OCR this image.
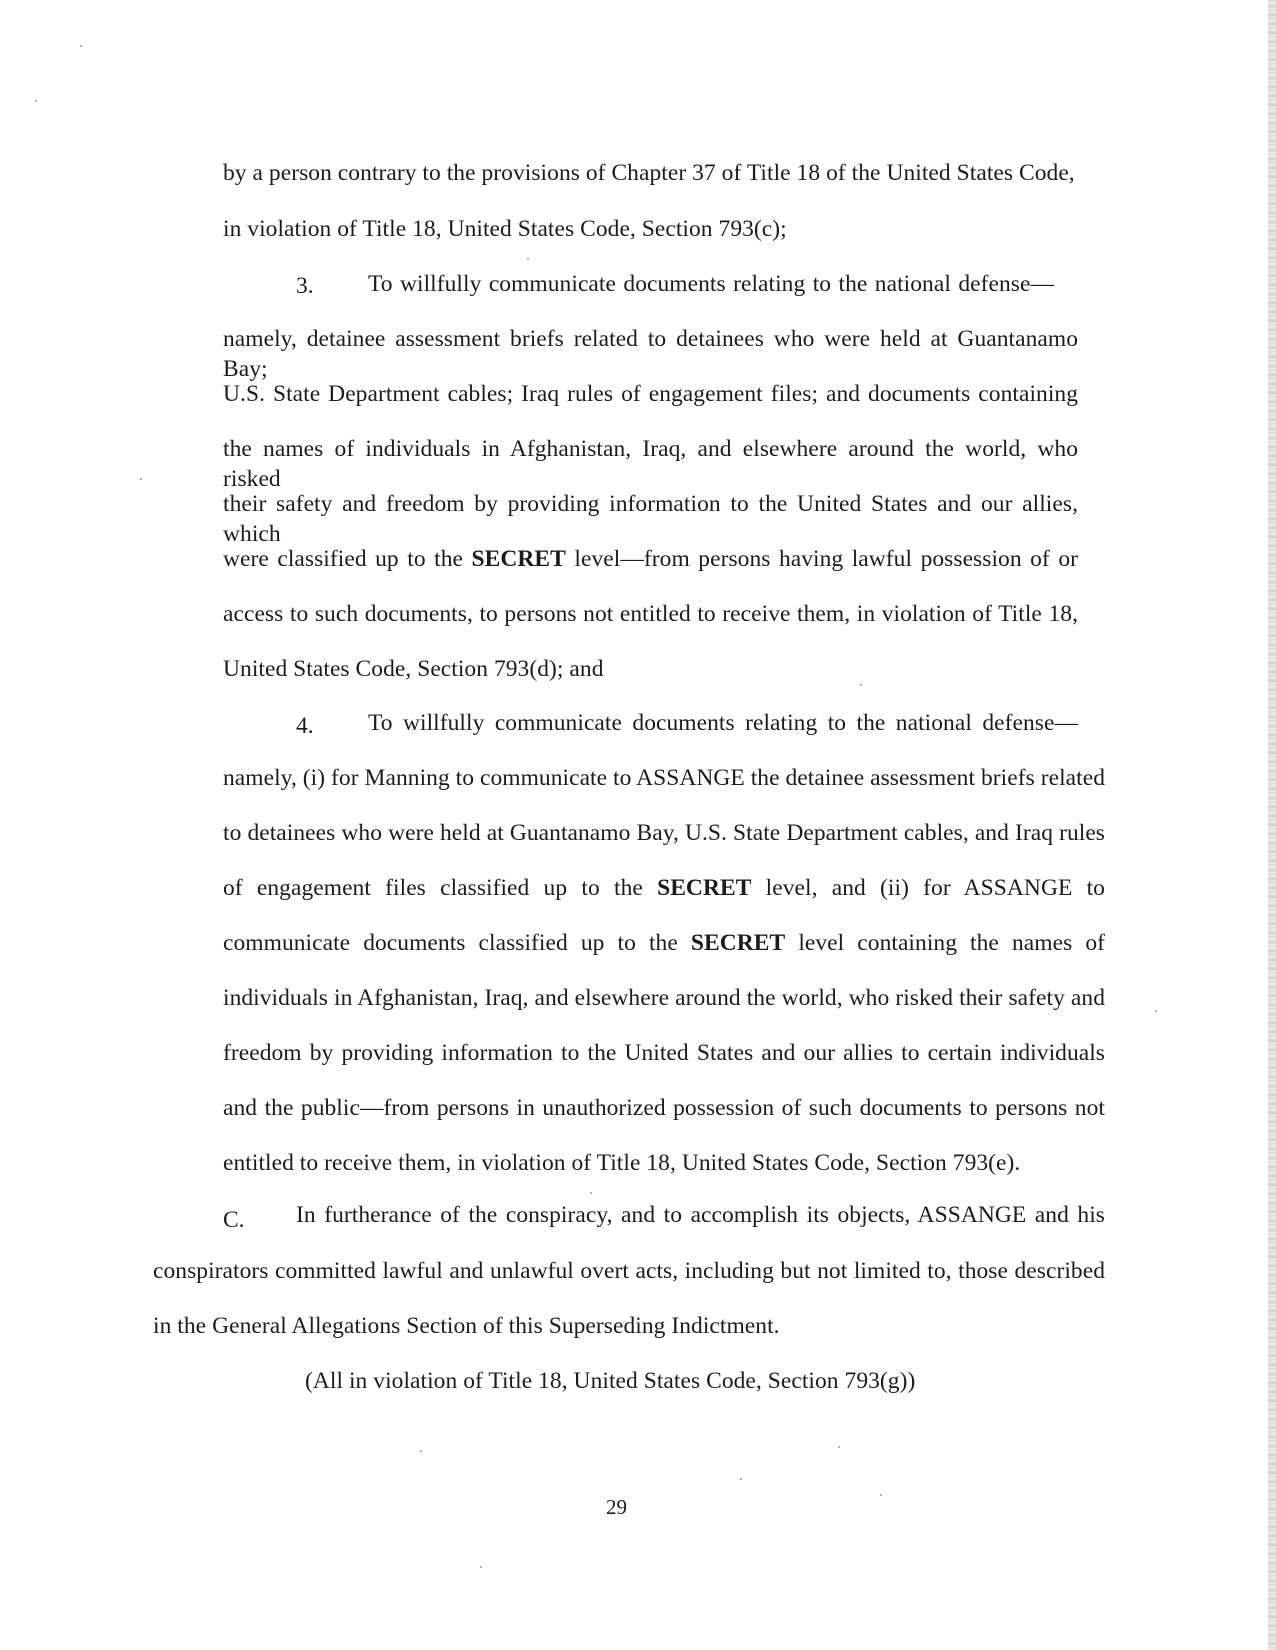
by a person contrary to the provisions of Chapter 37 of Title 18 of the United States Code,
in violation of Title 18, United States Code, Section 793(c);
3. To willfully communicate documents relating to the national defense—
namely, detainee assessment briefs related to detainees who were held at Guantanamo Bay;
U.S. State Department cables; Iraq rules of engagement files; and documents containing
the names of individuals in Afghanistan, Iraq, and elsewhere around the world, who risked
their safety and freedom by providing information to the United States and our allies, which
were classified up to the SECRET level—from persons having lawful possession of or
access to such documents, to persons not entitled to receive them, in violation of Title 18,
United States Code, Section 793(d); and
4. To willfully communicate documents relating to the national defense—
namely, (i) for Manning to communicate to ASSANGE the detainee assessment briefs related
to detainees who were held at Guantanamo Bay, U.S. State Department cables, and Iraq rules
of engagement files classified up to the SECRET level, and (ii) for ASSANGE to
communicate documents classified up to the SECRET level containing the names of
individuals in Afghanistan, Iraq, and elsewhere around the world, who risked their safety and
freedom by providing information to the United States and our allies to certain individuals
and the public—from persons in unauthorized possession of such documents to persons not
entitled to receive them, in violation of Title 18, United States Code, Section 793(e).
C. In furtherance of the conspiracy, and to accomplish its objects, ASSANGE and his
conspirators committed lawful and unlawful overt acts, including but not limited to, those described
in the General Allegations Section of this Superseding Indictment.
(All in violation of Title 18, United States Code, Section 793(g))
29
